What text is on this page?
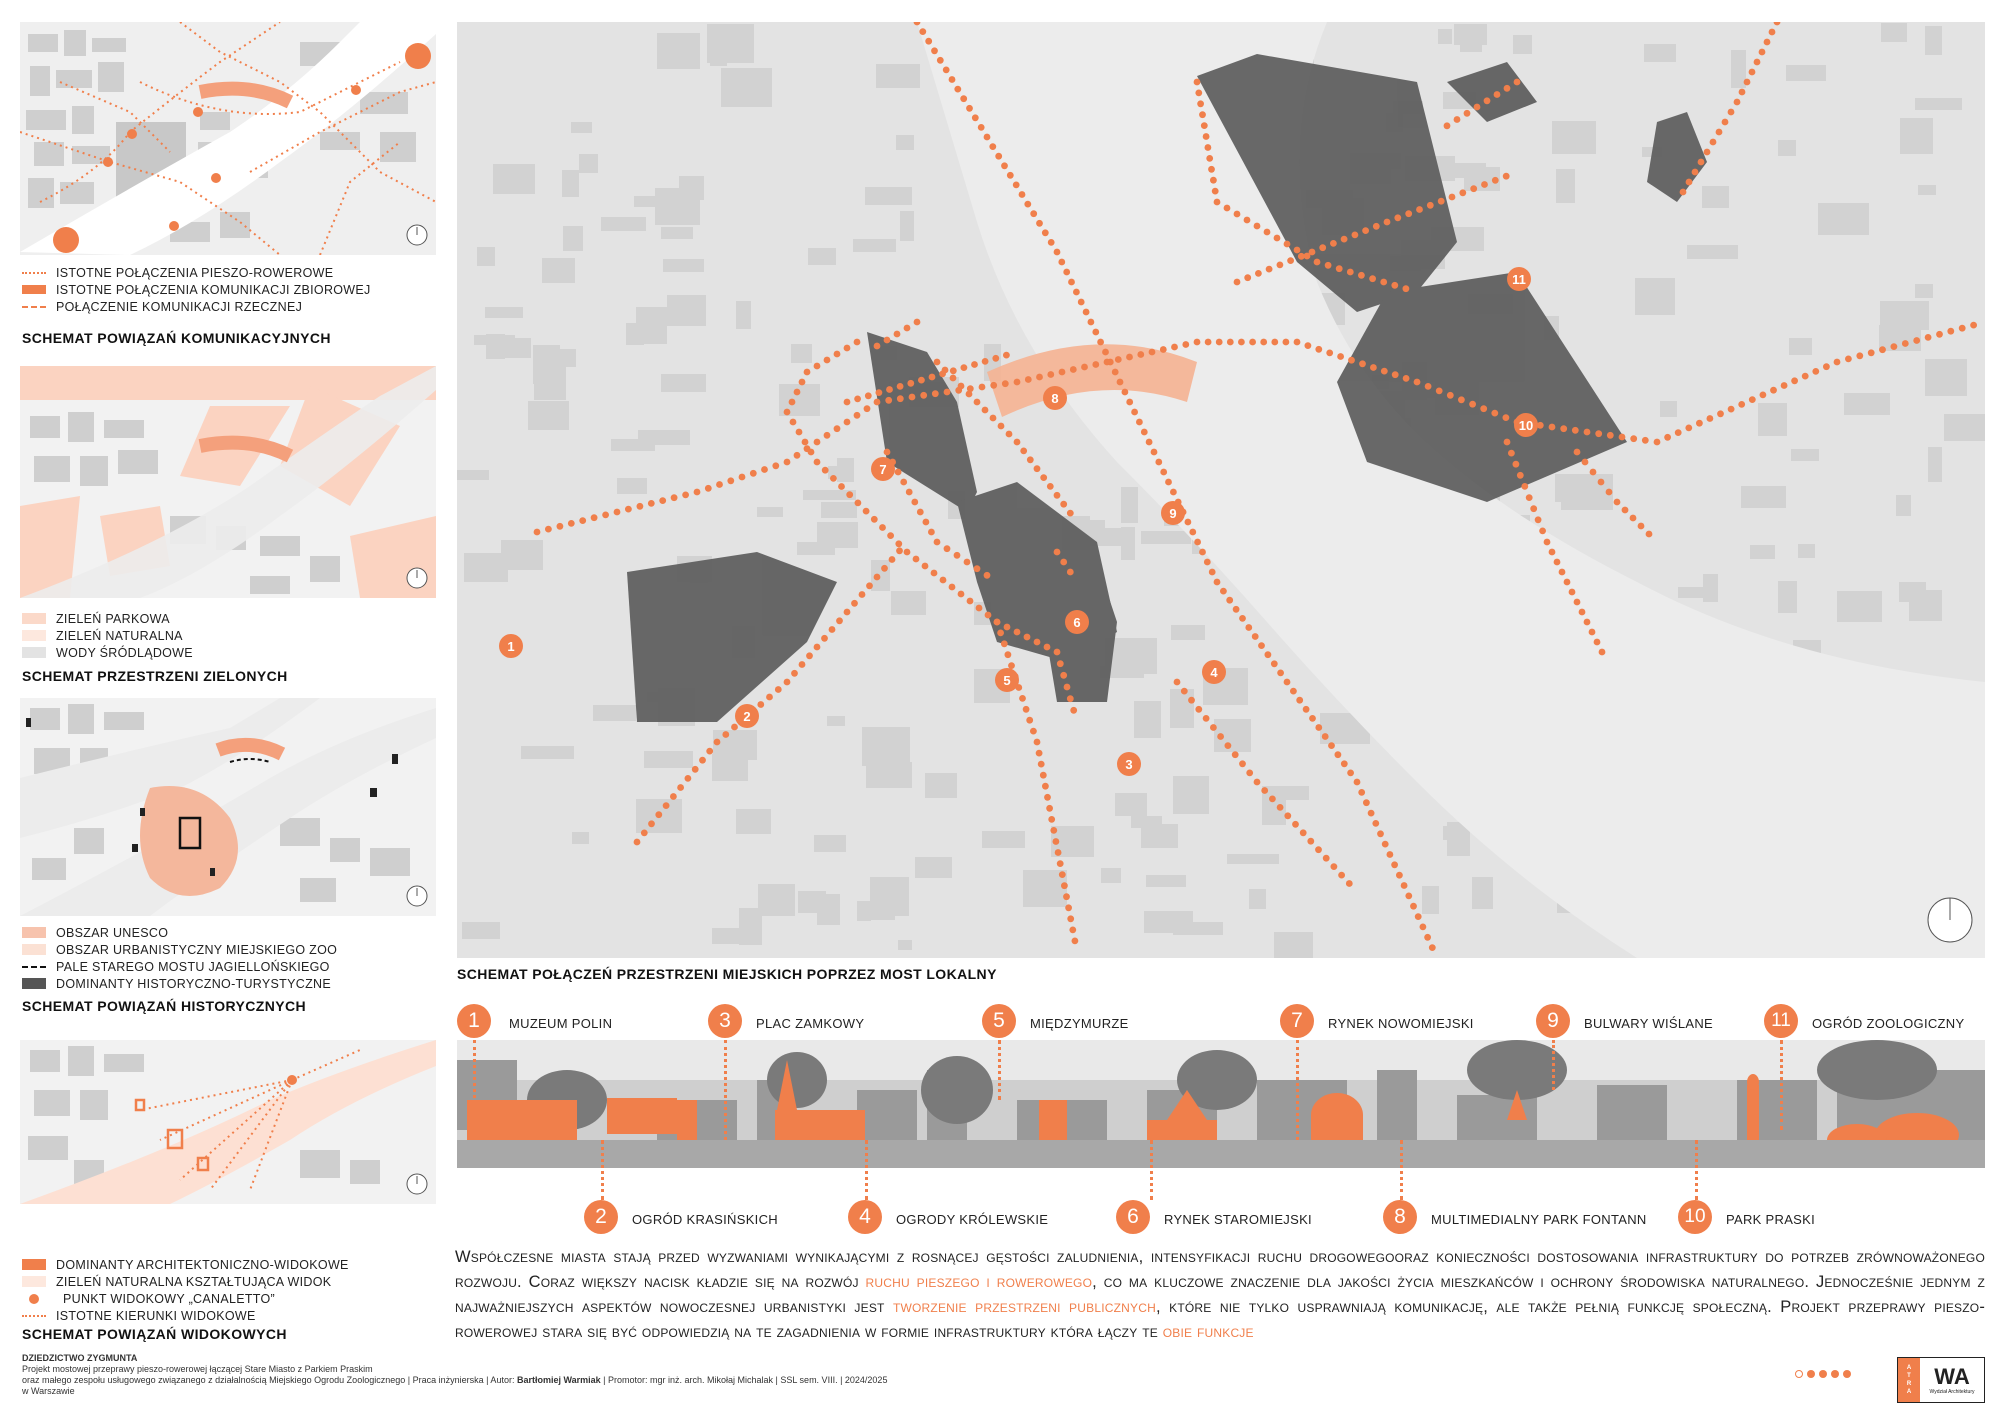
ISTOTNE POŁĄCZENIA PIESZO-ROWEROWE
ISTOTNE POŁĄCZENIA KOMUNIKACJI ZBIOROWEJ
POŁĄCZENIE KOMUNIKACJI RZECZNEJ
SCHEMAT POWIĄZAŃ KOMUNIKACYJNYCH
ZIELEŃ PARKOWA
ZIELEŃ NATURALNA
WODY ŚRÓDLĄDOWE
SCHEMAT PRZESTRZENI ZIELONYCH
OBSZAR UNESCO
OBSZAR URBANISTYCZNY MIEJSKIEGO ZOO
PALE STAREGO MOSTU JAGIELLOŃSKIEGO
DOMINANTY HISTORYCZNO-TURYSTYCZNE
SCHEMAT POWIĄZAŃ HISTORYCZNYCH
DOMINANTY ARCHITEKTONICZNO-WIDOKOWE
ZIELEŃ NATURALNA KSZTAŁTUJĄCA WIDOK
PUNKT WIDOKOWY „CANALETTO”
ISTOTNE KIERUNKI WIDOKOWE
SCHEMAT POWIĄZAŃ WIDOKOWYCH
1
2
3
4
5
6
7
8
9
10
11
SCHEMAT POŁĄCZEŃ PRZESTRZENI MIEJSKICH POPRZEZ MOST LOKALNY
1	MUZEUM POLIN	3	PLAC ZAMKOWY	5	MIĘDZYMURZE	7	RYNEK NOWOMIEJSKI	9	BULWARY WIŚLANE	11	OGRÓD ZOOLOGICZNY
2	OGRÓD KRASIŃSKICH	4	OGRODY KRÓLEWSKIE	6	RYNEK STAROMIEJSKI	8	MULTIMEDIALNY PARK FONTANN	10	PARK PRASKI
Współczesne miasta stają przed wyzwaniami wynikającymi z rosnącej gęstości zaludnienia, intensyfikacji ruchu drogowegooraz konieczności dostosowania infrastruktury do potrzeb zrównoważonego rozwoju. Coraz większy nacisk kładzie się na rozwój ruchu pieszego i rowerowego, co ma kluczowe znaczenie dla jakości życia mieszkańców i ochrony środowiska naturalnego. Jednocześnie jednym z najważniejszych aspektów nowoczesnej urbanistyki jest tworzenie przestrzeni publicznych, które nie tylko usprawniają komunikację, ale także pełnią funkcję społeczną. Projekt przeprawy pieszo-rowerowej stara się być odpowiedzią na te zagadnienia w formie infrastruktury która łączy te obie funkcje
DZIEDZICTWO ZYGMUNTA
Projekt mostowej przeprawy pieszo-rowerowej łączącej Stare Miasto z Parkiem Praskim
oraz małego zespołu usługowego związanego z działalnością Miejskiego Ogrodu Zoologicznego | Praca inżynierska | Autor: Bartłomiej Warmiak | Promotor: mgr inż. arch. Mikołaj Michalak | SSL sem. VIII. | 2024/2025
w Warszawie
A
T
R
A
WA
Wydział Architektury
